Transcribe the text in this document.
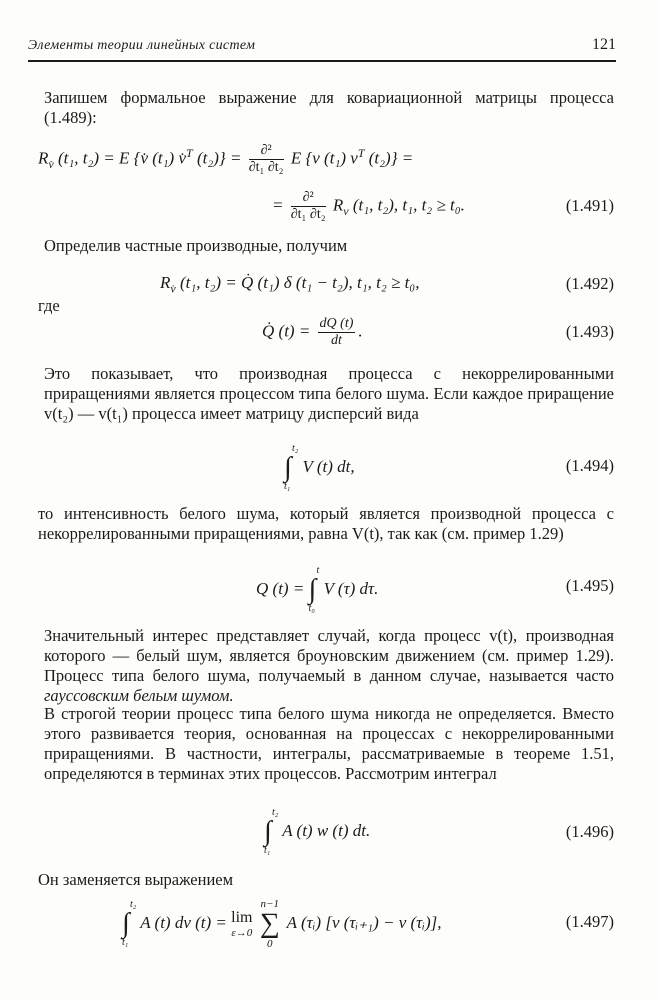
Элементы теории линейных систем	121
Запишем формальное выражение для ковариационной матрицы процесса (1.489):
$R_{v̇}$ (t₁, t₂) = E {v̇ (t₁) v̇$^T$ $(t_2)\} = \frac{\text{∂²}}{\text{∂t₁ ∂t₂}}$ E {v (t₁) $v^T$ (t₂)} =
= $\frac{\text{∂²}}{\text{∂t₁ ∂t₂}} R_v$ (t₁, t₂), t₁, t₂ ≥ t₀.	(1.491)
Определив частные производные, получим
$R_{v̇}$ (t₁, t₂) = Q̇ (t₁) δ (t₁ − t₂), t₁, t₂ ≥ t₀,	(1.492)
где
Q̇ $(t) = \frac{dQ (t)}{dt}$ .	(1.493)
Это показывает, что производная процесса с некоррелированными приращениями является процессом типа белого шума. Если каждое приращение v(t₂) — v(t₁) процесса имеет матрицу дисперсий вида
t₂
∫
t₁
V (t) dt,	(1.494)
то интенсивность белого шума, который является производной процесса с некоррелированными приращениями, равна V(t), так как (см. пример 1.29)
Q (t) =
t
∫
t₀
V (τ) dτ.	(1.495)
Значительный интерес представляет случай, когда процесс v(t), производная которого — белый шум, является броуновским движением (см. пример 1.29). Процесс типа белого шума, получаемый в данном случае, называется часто гауссовским белым шумом.
В строгой теории процесс типа белого шума никогда не определяется. Вместо этого развивается теория, основанная на процессах с некоррелированными приращениями. В частности, интегралы, рассматриваемые в теореме 1.51, определяются в терминах этих процессов. Рассмотрим интеграл
t₂
∫
t₁
A (t) w (t) dt.	(1.496)
Он заменяется выражением
t₂
∫
t₁
A (t) dv (t) = lim
ε→0

n−1
∑
0
A (τᵢ) [v (τᵢ₊₁) − v (τᵢ)],	(1.497)
